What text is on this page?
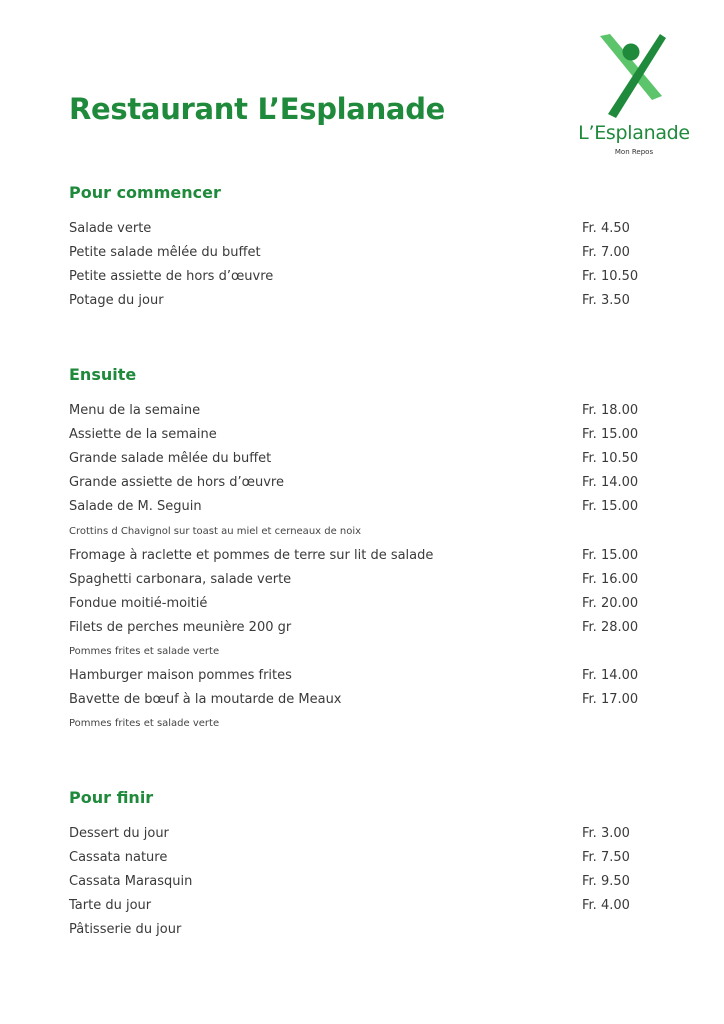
Restaurant L’Esplanade
L’Esplanade
Mon Repos
Pour commencer
Salade verte	Fr. 4.50
Petite salade mêlée du buffet	Fr. 7.00
Petite assiette de hors d’œuvre	Fr. 10.50
Potage du jour	Fr. 3.50
Ensuite
Menu de la semaine	Fr. 18.00
Assiette de la semaine	Fr. 15.00
Grande salade mêlée du buffet	Fr. 10.50
Grande assiette de hors d’œuvre	Fr. 14.00
Salade de M. Seguin	Fr. 15.00
Crottins d Chavignol sur toast au miel et cerneaux de noix
Fromage à raclette et pommes de terre sur lit de salade	Fr. 15.00
Spaghetti carbonara, salade verte	Fr. 16.00
Fondue moitié-moitié	Fr. 20.00
Filets de perches meunière 200 gr	Fr. 28.00
Pommes frites et salade verte
Hamburger maison pommes frites	Fr. 14.00
Bavette de bœuf à la moutarde de Meaux	Fr. 17.00
Pommes frites et salade verte
Pour finir
Dessert du jour	Fr. 3.00
Cassata nature	Fr. 7.50
Cassata Marasquin	Fr. 9.50
Tarte du jour	Fr. 4.00
Pâtisserie du jour
